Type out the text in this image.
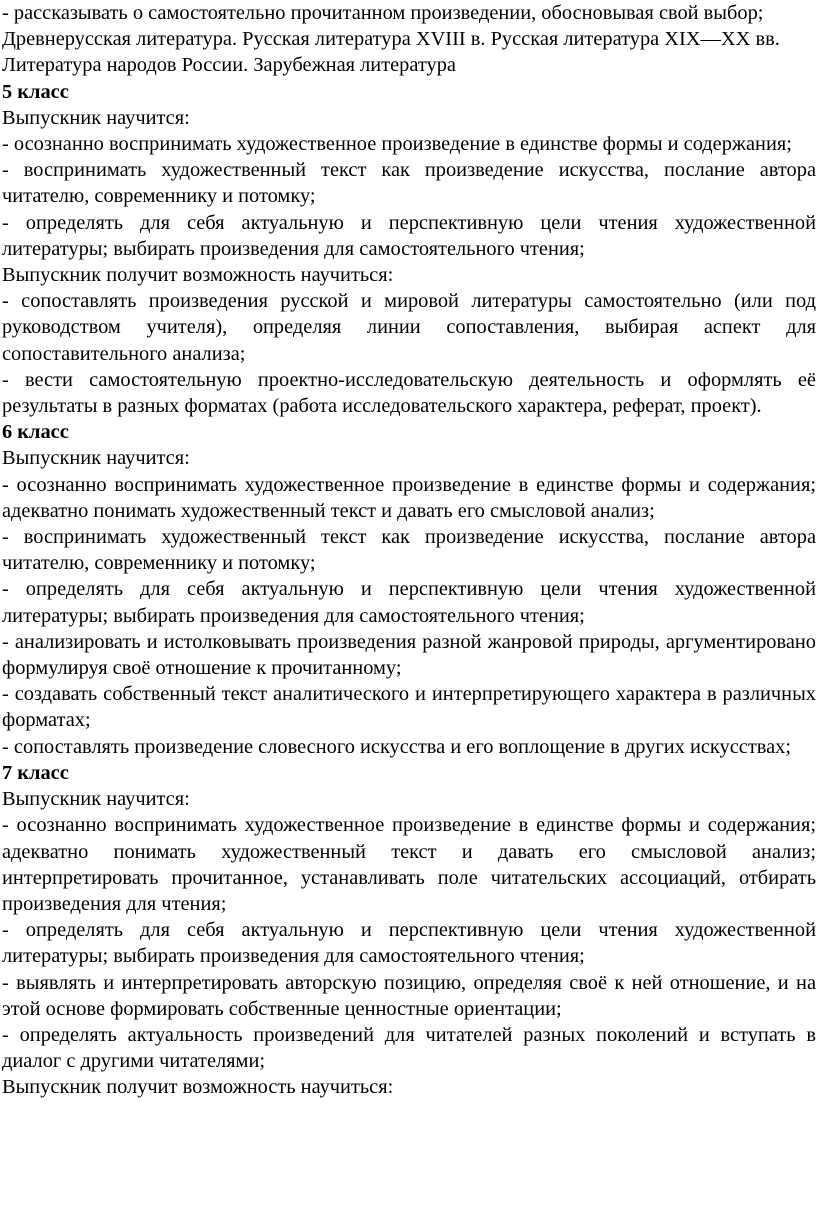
- рассказывать о самостоятельно прочитанном произведении, обосновывая свой выбор;

Древнерусская литература. Русская литература XVIII в. Русская литература XIX—XX вв. Литература народов России. Зарубежная литература

5 класс

Выпускник научится:

- осознанно воспринимать художественное произведение в единстве формы и содержания;

- воспринимать художественный текст как произведение искусства, послание автора читателю, современнику и потомку;

- определять для себя актуальную и перспективную цели чтения художественной литературы; выбирать произведения для самостоятельного чтения;

Выпускник получит возможность научиться:

- сопоставлять произведения русской и мировой литературы самостоятельно (или под руководством учителя), определяя линии сопоставления, выбирая аспект для сопоставительного анализа;

- вести самостоятельную проектно-исследовательскую деятельность и оформлять её результаты в разных форматах (работа исследовательского характера, реферат, проект).

6 класс

Выпускник научится:

- осознанно воспринимать художественное произведение в единстве формы и содержания; адекватно понимать художественный текст и давать его смысловой анализ;

- воспринимать художественный текст как произведение искусства, послание автора читателю, современнику и потомку;

- определять для себя актуальную и перспективную цели чтения художественной литературы; выбирать произведения для самостоятельного чтения;

- анализировать и истолковывать произведения разной жанровой природы, аргументировано формулируя своё отношение к прочитанному;

- создавать собственный текст аналитического и интерпретирующего характера в различных форматах;

- сопоставлять произведение словесного искусства и его воплощение в других искусствах;

7 класс

Выпускник научится:

- осознанно воспринимать художественное произведение в единстве формы и содержания; адекватно понимать художественный текст и давать его смысловой анализ; интерпретировать прочитанное, устанавливать поле читательских ассоциаций, отбирать произведения для чтения;

- определять для себя актуальную и перспективную цели чтения художественной литературы; выбирать произведения для самостоятельного чтения;

- выявлять и интерпретировать авторскую позицию, определяя своё к ней отношение, и на этой основе формировать собственные ценностные ориентации;

- определять актуальность произведений для читателей разных поколений и вступать в диалог с другими читателями;

Выпускник получит возможность научиться:
